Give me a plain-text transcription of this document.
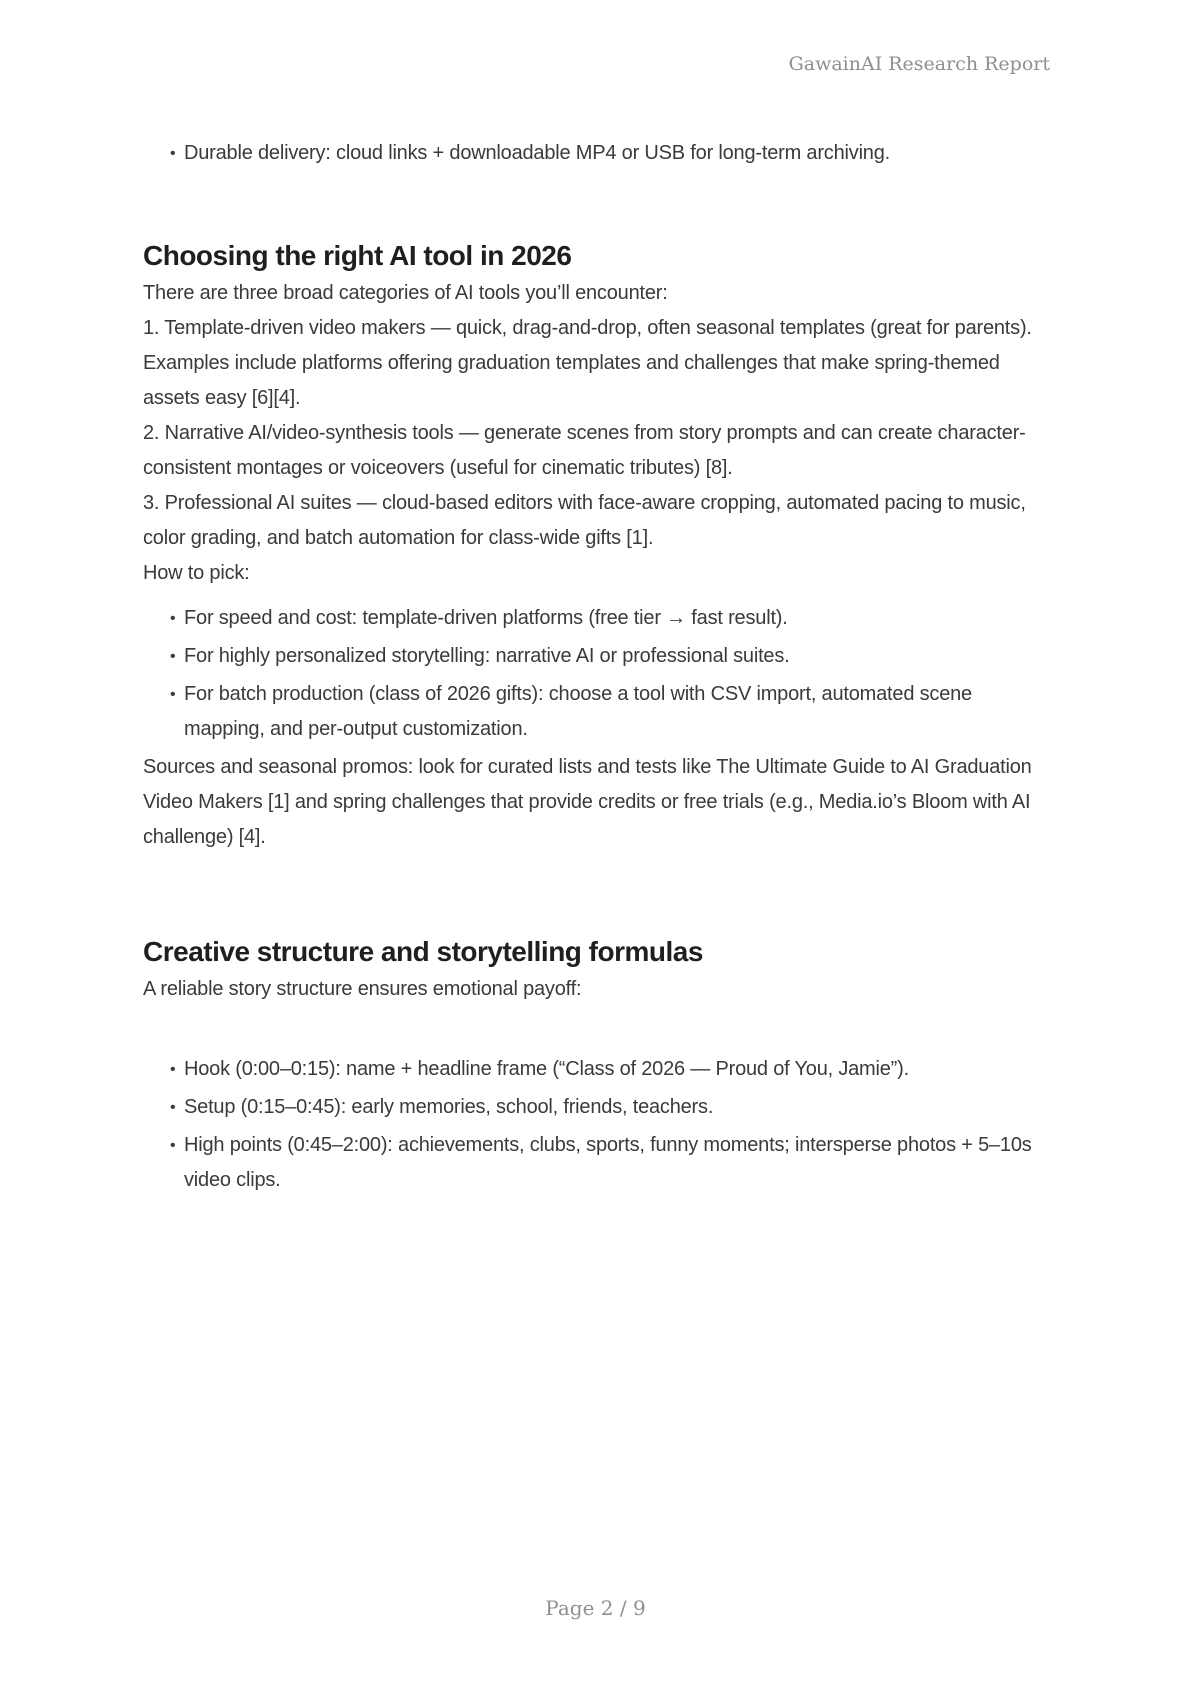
GawainAI Research Report
• Durable delivery: cloud links + downloadable MP4 or USB for long-term archiving.
Choosing the right AI tool in 2026

There are three broad categories of AI tools you’ll encounter:

1. Template-driven video makers — quick, drag-and-drop, often seasonal templates (great for parents). Examples include platforms offering graduation templates and challenges that make spring-themed assets easy [6][4].

2. Narrative AI/video-synthesis tools — generate scenes from story prompts and can create character-consistent montages or voiceovers (useful for cinematic tributes) [8].

3. Professional AI suites — cloud-based editors with face-aware cropping, automated pacing to music, color grading, and batch automation for class-wide gifts [1].

How to pick:

• For speed and cost: template-driven platforms (free tier → fast result).
• For highly personalized storytelling: narrative AI or professional suites.
• For batch production (class of 2026 gifts): choose a tool with CSV import, automated scene mapping, and per-output customization.

Sources and seasonal promos: look for curated lists and tests like The Ultimate Guide to AI Graduation Video Makers [1] and spring challenges that provide credits or free trials (e.g., Media.io’s Bloom with AI challenge) [4].

Creative structure and storytelling formulas

A reliable story structure ensures emotional payoff:

• Hook (0:00–0:15): name + headline frame (“Class of 2026 — Proud of You, Jamie”).
• Setup (0:15–0:45): early memories, school, friends, teachers.
• High points (0:45–2:00): achievements, clubs, sports, funny moments; intersperse photos + 5–10s video clips.
Page 2 / 9
